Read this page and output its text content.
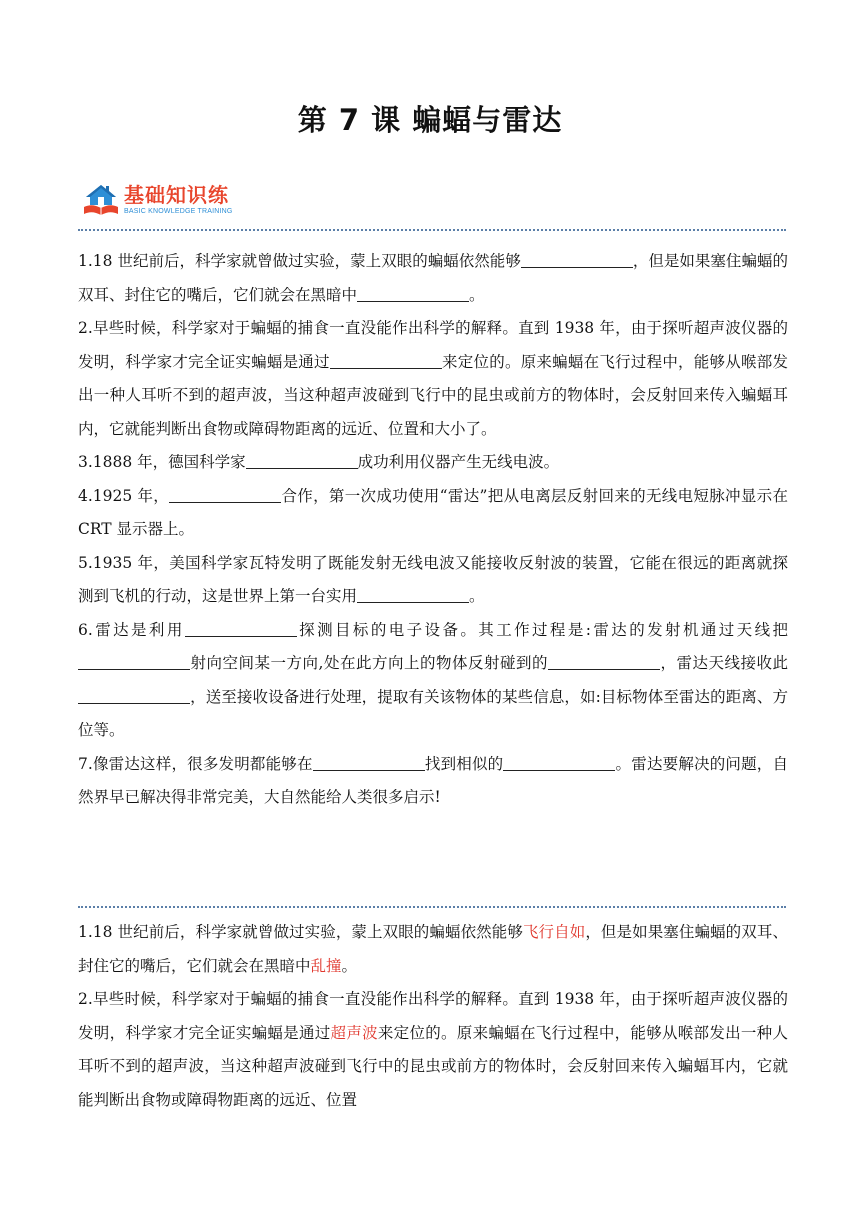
第 7 课 蝙蝠与雷达
基础知识练
BASIC KNOWLEDGE TRAINING

1.18 世纪前后，科学家就曾做过实验，蒙上双眼的蝙蝠依然能够	，但是如果塞住蝙蝠的双耳、封住它的嘴后，它们就会在黑暗中	。

2.早些时候，科学家对于蝙蝠的捕食一直没能作出科学的解释。直到 1938 年，由于探听超声波仪器的发明，科学家才完全证实蝙蝠是通过	来定位的。原来蝙蝠在飞行过程中，能够从喉部发出一种人耳听不到的超声波，当这种超声波碰到飞行中的昆虫或前方的物体时，会反射回来传入蝙蝠耳内，它就能判断出食物或障碍物距离的远近、位置和大小了。

3.1888 年，德国科学家	成功利用仪器产生无线电波。

4.1925 年，	合作，第一次成功使用“雷达”把从电离层反射回来的无线电短脉冲显示在 CRT 显示器上。

5.1935 年，美国科学家瓦特发明了既能发射无线电波又能接收反射波的装置，它能在很远的距离就探测到飞机的行动，这是世界上第一台实用	。

6.雷达是利用	探测目标的电子设备。其工作过程是:雷达的发射机通过天线把射向空间某一方向,处在此方向上的物体反射碰到的	，雷达天线接收此，送至接收设备进行处理，提取有关该物体的某些信息，如:目标物体至雷达的距离、方位等。

7.像雷达这样，很多发明都能够在	找到相似的	。雷达要解决的问题，自然界早已解决得非常完美，大自然能给人类很多启示!

1.18 世纪前后，科学家就曾做过实验，蒙上双眼的蝙蝠依然能够飞行自如，但是如果塞住蝙蝠的双耳、封住它的嘴后，它们就会在黑暗中乱撞。

2.早些时候，科学家对于蝙蝠的捕食一直没能作出科学的解释。直到 1938 年，由于探听超声波仪器的发明，科学家才完全证实蝙蝠是通过超声波来定位的。原来蝙蝠在飞行过程中，能够从喉部发出一种人耳听不到的超声波，当这种超声波碰到飞行中的昆虫或前方的物体时，会反射回来传入蝙蝠耳内，它就能判断出食物或障碍物距离的远近、位置
